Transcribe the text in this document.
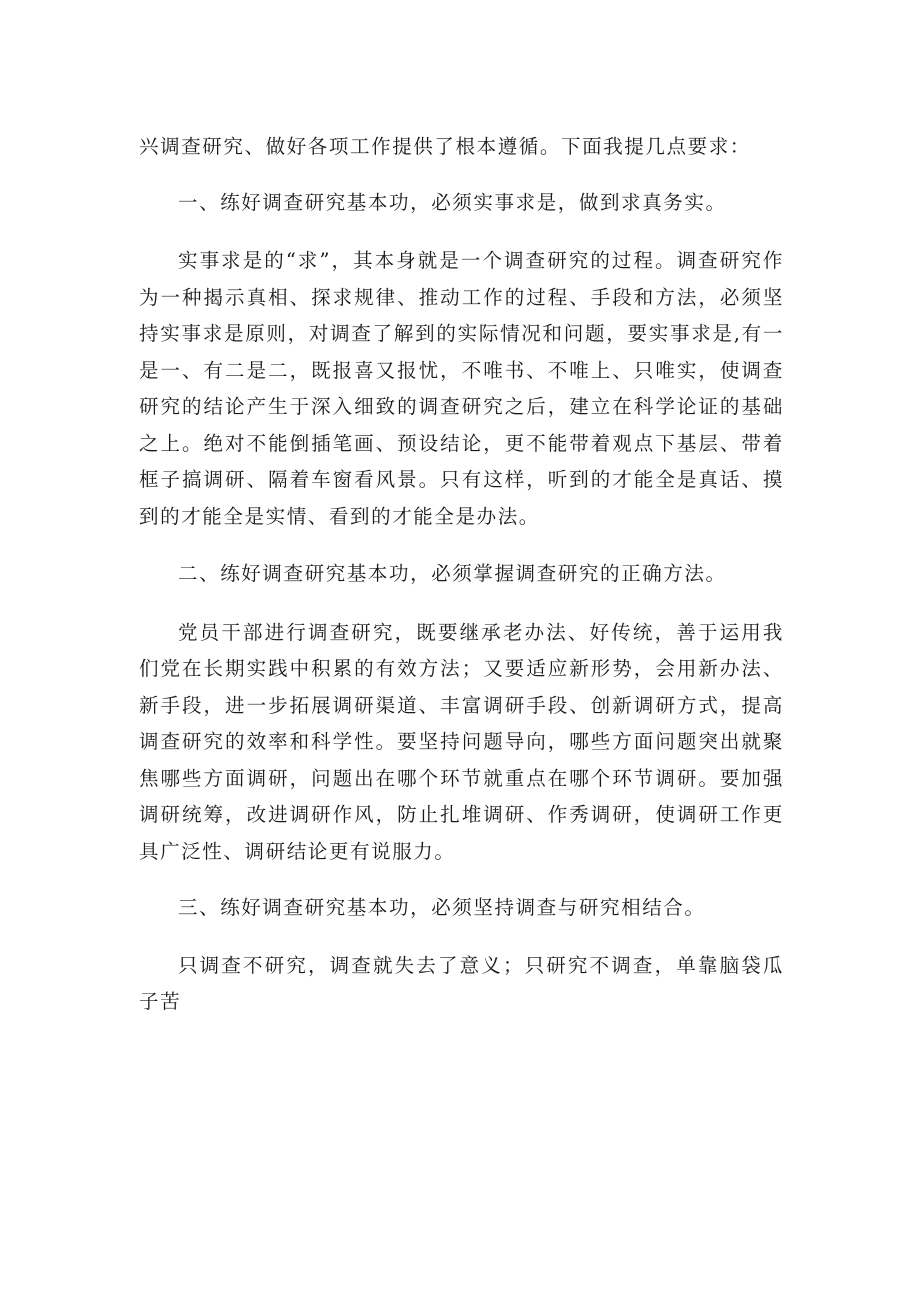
兴调查研究、做好各项工作提供了根本遵循。下面我提几点要求：

一、练好调查研究基本功，必须实事求是，做到求真务实。

实事求是的“求”，其本身就是一个调查研究的过程。调查研究作为一种揭示真相、探求规律、推动工作的过程、手段和方法，必须坚持实事求是原则，对调查了解到的实际情况和问题，要实事求是,有一是一、有二是二，既报喜又报忧，不唯书、不唯上、只唯实，使调查研究的结论产生于深入细致的调查研究之后，建立在科学论证的基础之上。绝对不能倒插笔画、预设结论，更不能带着观点下基层、带着框子搞调研、隔着车窗看风景。只有这样，听到的才能全是真话、摸到的才能全是实情、看到的才能全是办法。

二、练好调查研究基本功，必须掌握调查研究的正确方法。

党员干部进行调查研究，既要继承老办法、好传统，善于运用我们党在长期实践中积累的有效方法；又要适应新形势，会用新办法、新手段，进一步拓展调研渠道、丰富调研手段、创新调研方式，提高调查研究的效率和科学性。要坚持问题导向，哪些方面问题突出就聚焦哪些方面调研，问题出在哪个环节就重点在哪个环节调研。要加强调研统筹，改进调研作风，防止扎堆调研、作秀调研，使调研工作更具广泛性、调研结论更有说服力。

三、练好调查研究基本功，必须坚持调查与研究相结合。

只调查不研究，调查就失去了意义；只研究不调查，单靠脑袋瓜子苦
